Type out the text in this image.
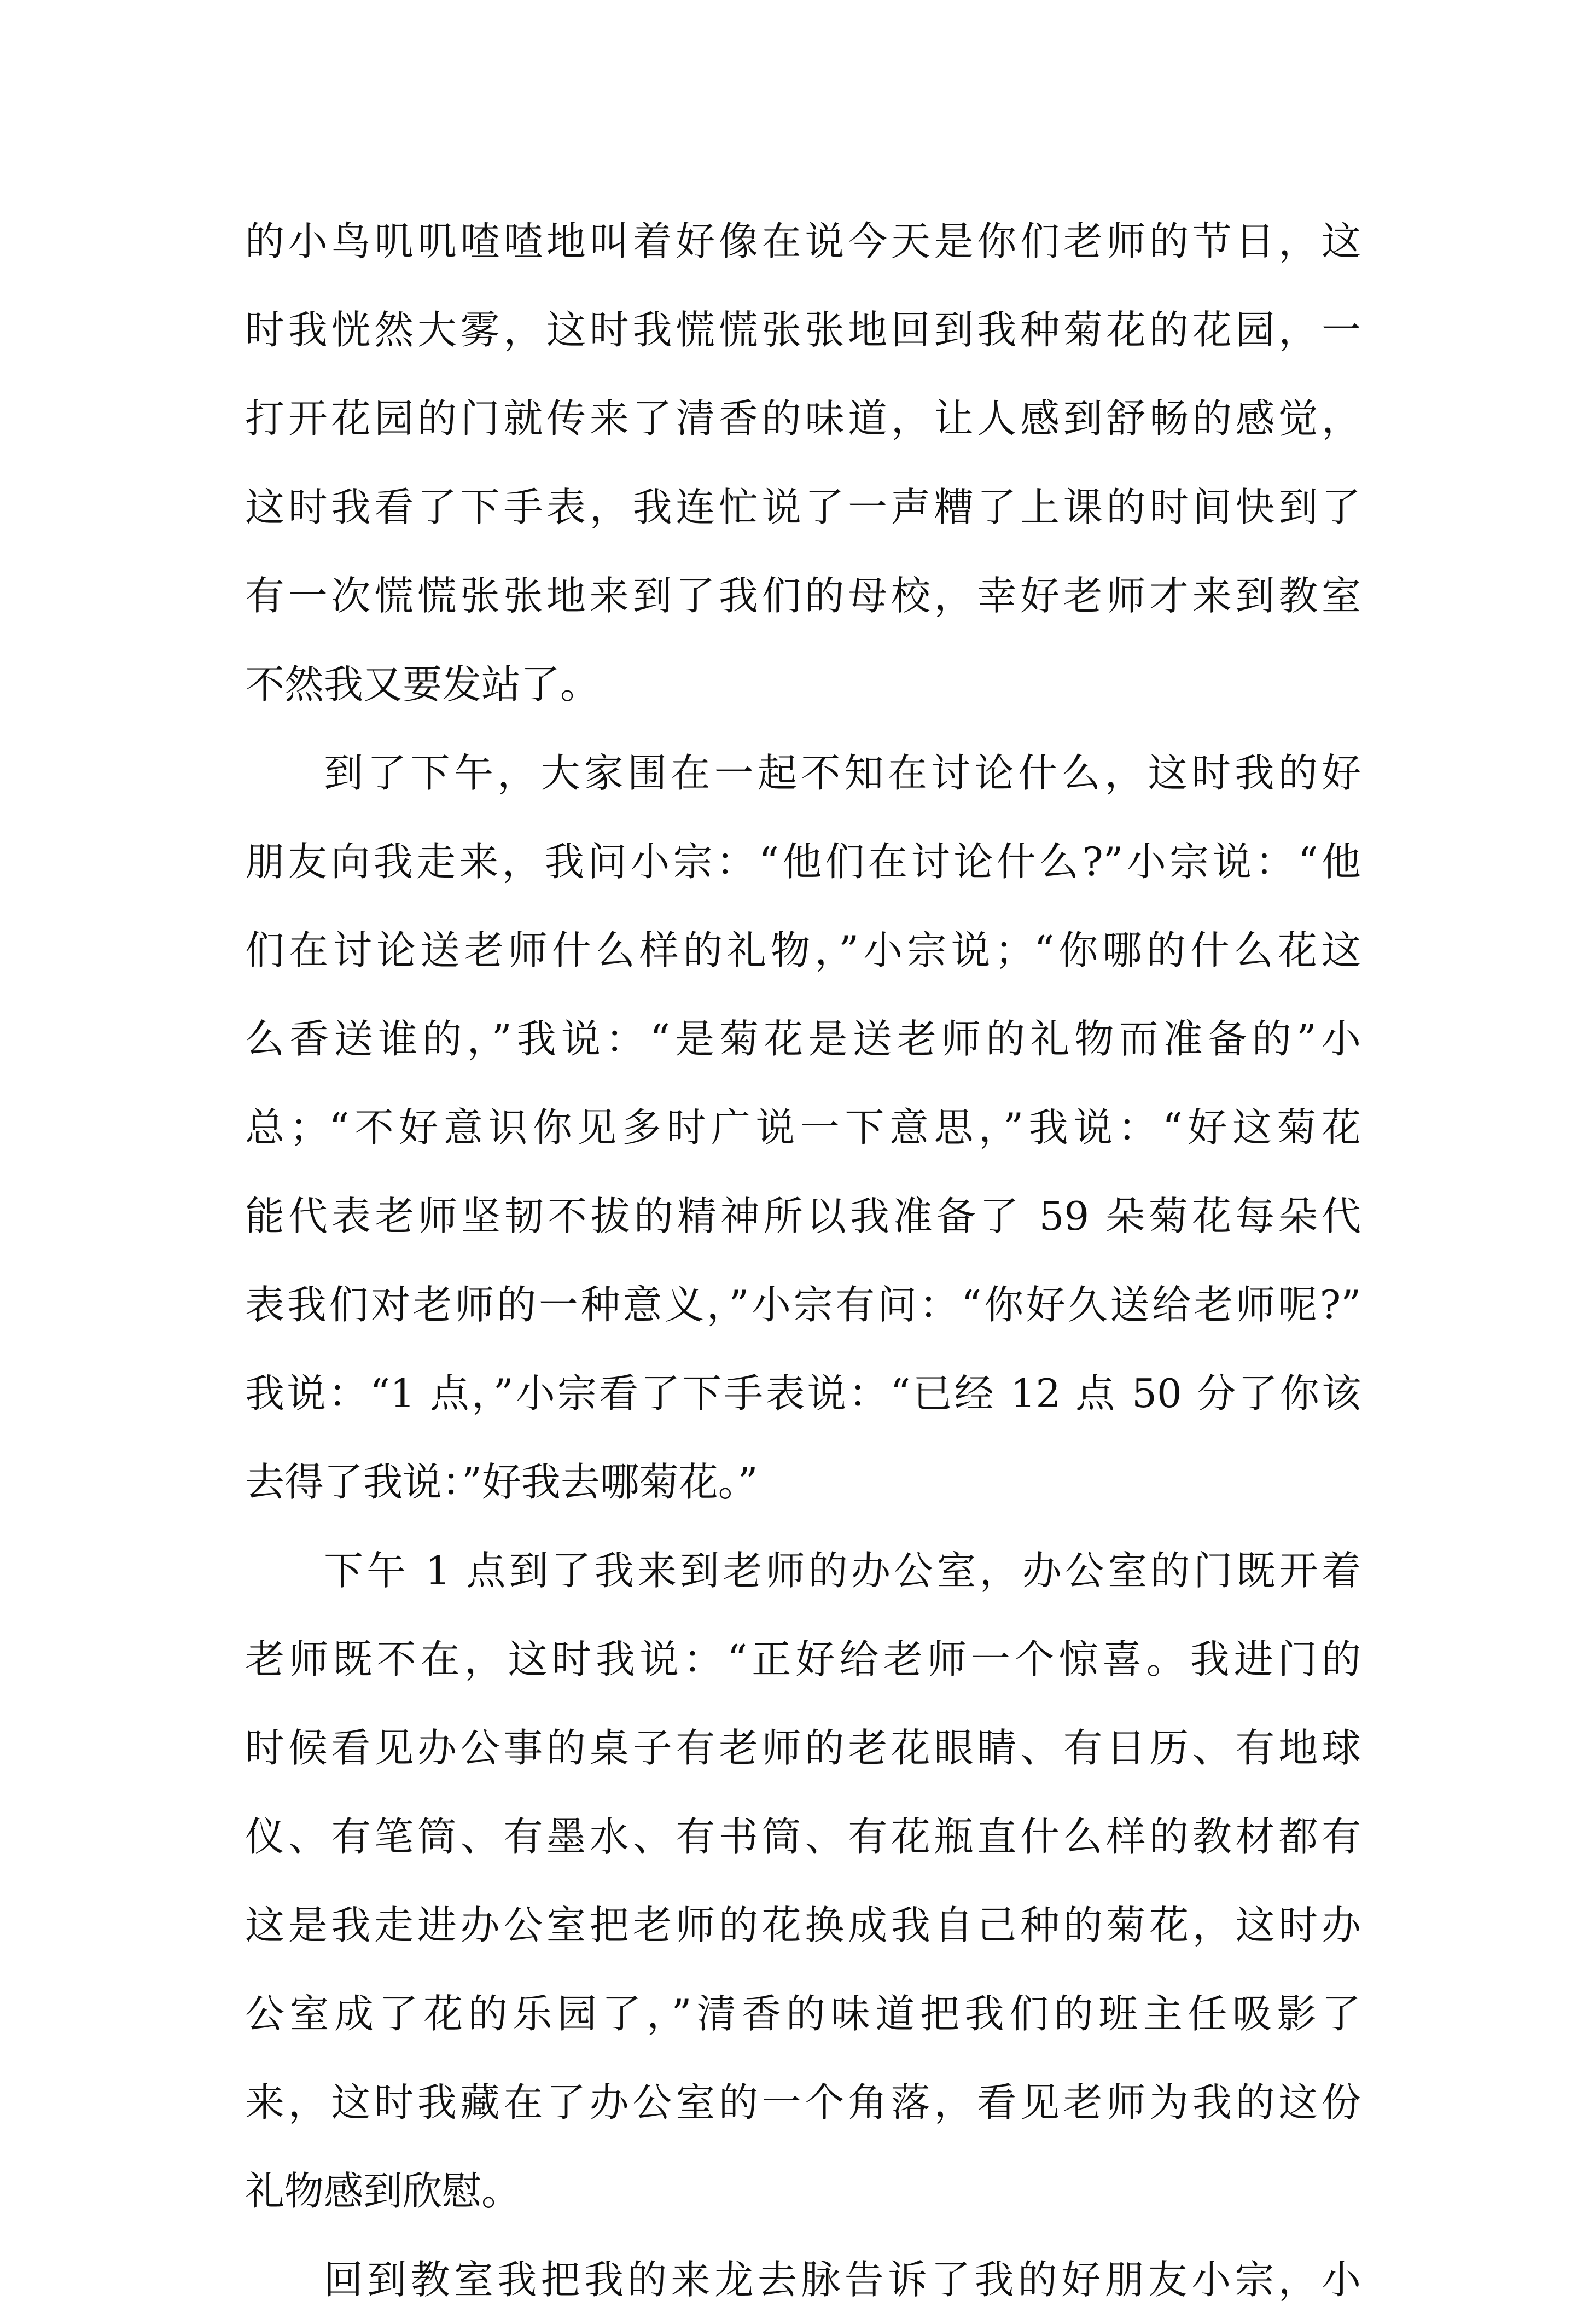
的小鸟叽叽喳喳地叫着好像在说今天是你们老师的节日，这
时我恍然大雾，这时我慌慌张张地回到我种菊花的花园，一
打开花园的门就传来了清香的味道，让人感到舒畅的感觉，
这时我看了下手表，我连忙说了一声糟了上课的时间快到了
有一次慌慌张张地来到了我们的母校，幸好老师才来到教室
不然我又要发站了。
到了下午，大家围在一起不知在讨论什么，这时我的好
朋友向我走来，我问小宗：“他们在讨论什么?”小宗说：“他
们在讨论送老师什么样的礼物，”小宗说；“你哪的什么花这
么香送谁的，”我说：“是菊花是送老师的礼物而准备的”小
总；“不好意识你见多时广说一下意思，”我说：“好这菊花
能代表老师坚韧不拔的精神所以我准备了 59 朵菊花每朵代
表我们对老师的一种意义，”小宗有问：“你好久送给老师呢?”
我说：“1 点，”小宗看了下手表说：“已经 12 点 50 分了你该
去得了我说：”好我去哪菊花。”
下午 1 点到了我来到老师的办公室，办公室的门既开着
老师既不在，这时我说：“正好给老师一个惊喜。我进门的
时候看见办公事的桌子有老师的老花眼睛、有日历、有地球
仪、有笔筒、有墨水、有书筒、有花瓶直什么样的教材都有
这是我走进办公室把老师的花换成我自己种的菊花，这时办
公室成了花的乐园了，”清香的味道把我们的班主任吸影了
来，这时我藏在了办公室的一个角落，看见老师为我的这份
礼物感到欣慰。
回到教室我把我的来龙去脉告诉了我的好朋友小宗，小
